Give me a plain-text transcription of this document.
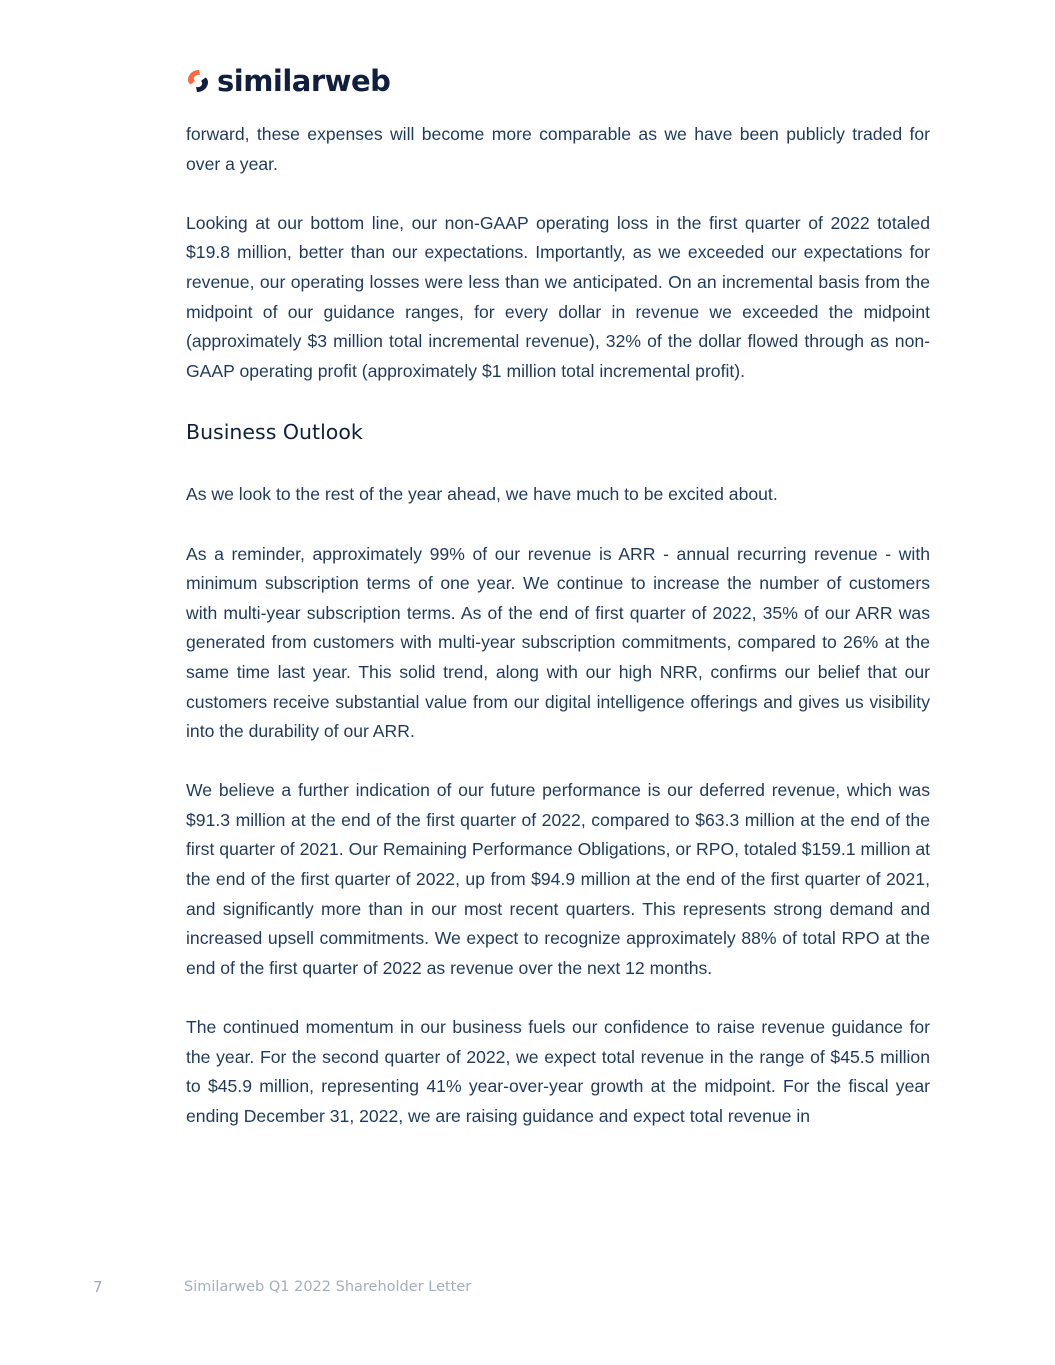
similarweb

forward, these expenses will become more comparable as we have been publicly traded for over a year.

Looking at our bottom line, our non-GAAP operating loss in the first quarter of 2022 totaled $19.8 million, better than our expectations. Importantly, as we exceeded our expectations for revenue, our operating losses were less than we anticipated. On an incremental basis from the midpoint of our guidance ranges, for every dollar in revenue we exceeded the midpoint (approximately $3 million total incremental revenue), 32% of the dollar flowed through as non-GAAP operating profit (approximately $1 million total incremental profit).

Business Outlook

As we look to the rest of the year ahead, we have much to be excited about.

As a reminder, approximately 99% of our revenue is ARR - annual recurring revenue - with minimum subscription terms of one year. We continue to increase the number of customers with multi-year subscription terms. As of the end of first quarter of 2022, 35% of our ARR was generated from customers with multi-year subscription commitments, compared to 26% at the same time last year. This solid trend, along with our high NRR, confirms our belief that our customers receive substantial value from our digital intelligence offerings and gives us visibility into the durability of our ARR.

We believe a further indication of our future performance is our deferred revenue, which was $91.3 million at the end of the first quarter of 2022, compared to $63.3 million at the end of the first quarter of 2021. Our Remaining Performance Obligations, or RPO, totaled $159.1 million at the end of the first quarter of 2022, up from $94.9 million at the end of the first quarter of 2021, and significantly more than in our most recent quarters. This represents strong demand and increased upsell commitments. We expect to recognize approximately 88% of total RPO at the end of the first quarter of 2022 as revenue over the next 12 months.

The continued momentum in our business fuels our confidence to raise revenue guidance for the year. For the second quarter of 2022, we expect total revenue in the range of $45.5 million to $45.9 million, representing 41% year-over-year growth at the midpoint. For the fiscal year ending December 31, 2022, we are raising guidance and expect total revenue in

7	Similarweb Q1 2022 Shareholder Letter
